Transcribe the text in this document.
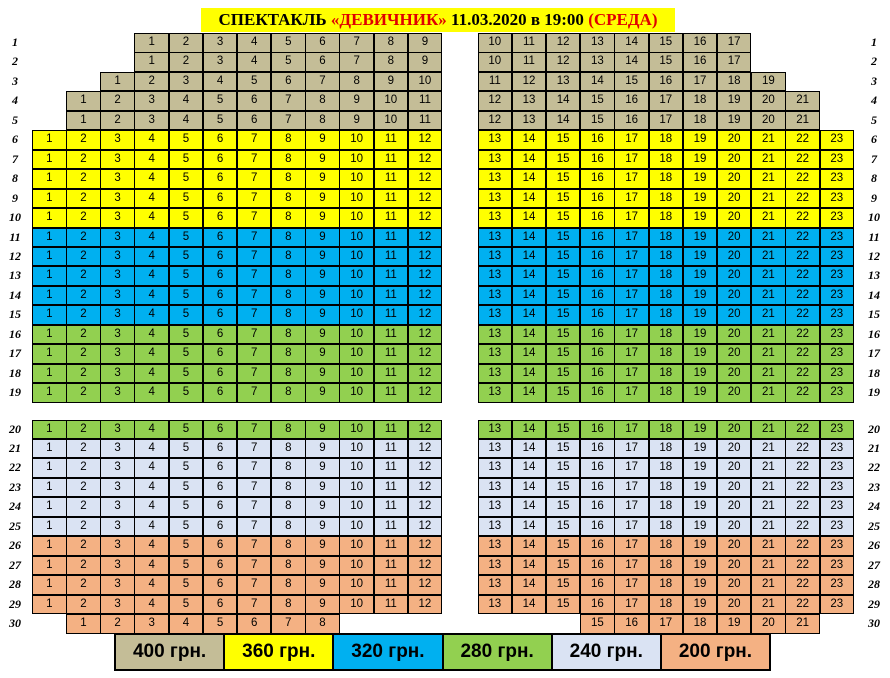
СПЕКТАКЛЬ «ДЕВИЧНИК» 11.03.2020 в 19:00 (СРЕДА)
1	2	3	4	5	6	7	8	9	10	11	12	13	14	15	16	17
1	1
1	2	3	4	5	6	7	8	9	10	11	12	13	14	15	16	17
2	2
1	2	3	4	5	6	7	8	9	10	11	12	13	14	15	16	17	18	19
3	3
1	2	3	4	5	6	7	8	9	10	11	12	13	14	15	16	17	18	19	20	21
4	4
1	2	3	4	5	6	7	8	9	10	11	12	13	14	15	16	17	18	19	20	21
5	5
1	2	3	4	5	6	7	8	9	10	11	12	13	14	15	16	17	18	19	20	21	22	23
6	6
1	2	3	4	5	6	7	8	9	10	11	12	13	14	15	16	17	18	19	20	21	22	23
7	7
1	2	3	4	5	6	7	8	9	10	11	12	13	14	15	16	17	18	19	20	21	22	23
8	8
1	2	3	4	5	6	7	8	9	10	11	12	13	14	15	16	17	18	19	20	21	22	23
9	9
1	2	3	4	5	6	7	8	9	10	11	12	13	14	15	16	17	18	19	20	21	22	23
10	10
1	2	3	4	5	6	7	8	9	10	11	12	13	14	15	16	17	18	19	20	21	22	23
11	11
1	2	3	4	5	6	7	8	9	10	11	12	13	14	15	16	17	18	19	20	21	22	23
12	12
1	2	3	4	5	6	7	8	9	10	11	12	13	14	15	16	17	18	19	20	21	22	23
13	13
1	2	3	4	5	6	7	8	9	10	11	12	13	14	15	16	17	18	19	20	21	22	23
14	14
1	2	3	4	5	6	7	8	9	10	11	12	13	14	15	16	17	18	19	20	21	22	23
15	15
1	2	3	4	5	6	7	8	9	10	11	12	13	14	15	16	17	18	19	20	21	22	23
16	16
1	2	3	4	5	6	7	8	9	10	11	12	13	14	15	16	17	18	19	20	21	22	23
17	17
1	2	3	4	5	6	7	8	9	10	11	12	13	14	15	16	17	18	19	20	21	22	23
18	18
1	2	3	4	5	6	7	8	9	10	11	12	13	14	15	16	17	18	19	20	21	22	23
19	19
1	2	3	4	5	6	7	8	9	10	11	12	13	14	15	16	17	18	19	20	21	22	23
20	20
1	2	3	4	5	6	7	8	9	10	11	12	13	14	15	16	17	18	19	20	21	22	23
21	21
1	2	3	4	5	6	7	8	9	10	11	12	13	14	15	16	17	18	19	20	21	22	23
22	22
1	2	3	4	5	6	7	8	9	10	11	12	13	14	15	16	17	18	19	20	21	22	23
23	23
1	2	3	4	5	6	7	8	9	10	11	12	13	14	15	16	17	18	19	20	21	22	23
24	24
1	2	3	4	5	6	7	8	9	10	11	12	13	14	15	16	17	18	19	20	21	22	23
25	25
1	2	3	4	5	6	7	8	9	10	11	12	13	14	15	16	17	18	19	20	21	22	23
26	26
1	2	3	4	5	6	7	8	9	10	11	12	13	14	15	16	17	18	19	20	21	22	23
27	27
1	2	3	4	5	6	7	8	9	10	11	12	13	14	15	16	17	18	19	20	21	22	23
28	28
1	2	3	4	5	6	7	8	9	10	11	12	13	14	15	16	17	18	19	20	21	22	23
29	29
1	2	3	4	5	6	7	8	15	16	17	18	19	20	21
30	30
400 грн.	360 грн.	320 грн.	280 грн.	240 грн.	200 грн.
